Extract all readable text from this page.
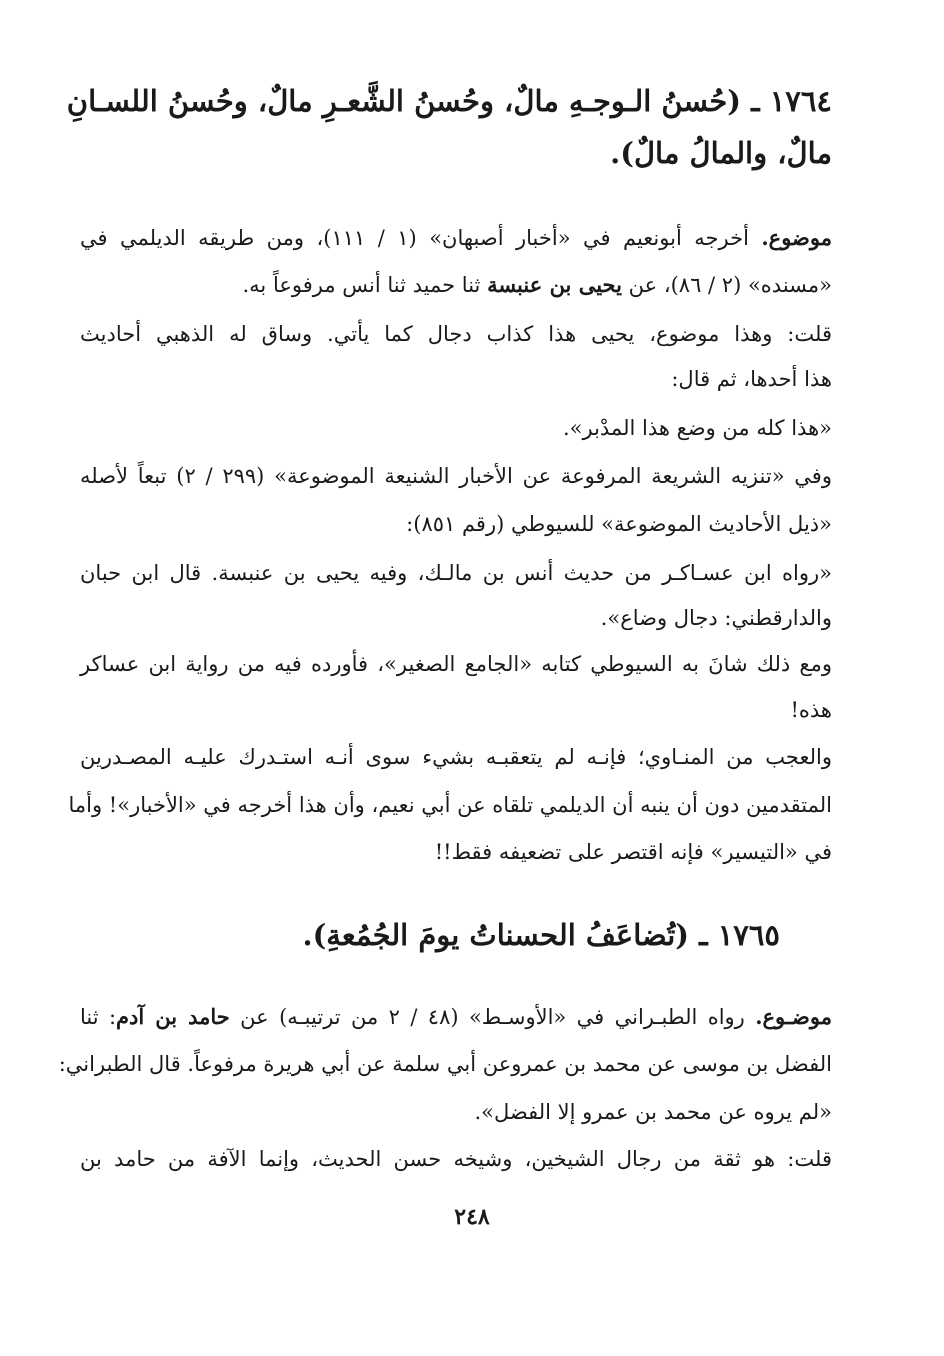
١٧٦٤ ـ (حُسنُ الـوجـهِ مالٌ، وحُسنُ الشَّعـرِ مالٌ، وحُسنُ اللسـانِ
مالٌ، والمالُ مالٌ).
موضوع. أخرجه أبونعيم في «أخبار أصبهان» (١ / ١١١)، ومن طريقه الديلمي في
«مسنده» (٢ / ٨٦)، عن يحيى بن عنبسة ثنا حميد ثنا أنس مرفوعاً به.
قلت: وهذا موضوع، يحيى هذا كذاب دجال كما يأتي. وساق له الذهبي أحاديث
هذا أحدها، ثم قال:
«هذا كله من وضع هذا المدْبر».
وفي «تنزيه الشريعة المرفوعة عن الأخبار الشنيعة الموضوعة» (٢٩٩ / ٢) تبعاً لأصله
«ذيل الأحاديث الموضوعة» للسيوطي (رقم ٨٥١):
«رواه ابن عسـاكـر من حديث أنس بن مالـك، وفيه يحيى بن عنبسة. قال ابن حبان
والدارقطني: دجال وضاع».
ومع ذلك شانَ به السيوطي كتابه «الجامع الصغير»، فأورده فيه من رواية ابن عساكر
هذه!
والعجب من المنـاوي؛ فإنـه لم يتعقبـه بشيء سوى أنـه استـدرك عليـه المصـدرين
المتقدمين دون أن ينبه أن الديلمي تلقاه عن أبي نعيم، وأن هذا أخرجه في «الأخبار»! وأما
في «التيسير» فإنه اقتصر على تضعيفه فقط!!
١٧٦٥ ـ (تُضاعَفُ الحسناتُ يومَ الجُمُعةِ).
موضـوع. رواه الطبـراني في «الأوسـط» (٤٨ / ٢ من ترتيبـه) عن حامد بن آدم: ثنا
الفضل بن موسى عن محمد بن عمروعن أبي سلمة عن أبي هريرة مرفوعاً. قال الطبراني:
«لم يروه عن محمد بن عمرو إلا الفضل».
قلت: هو ثقة من رجال الشيخين، وشيخه حسن الحديث، وإنما الآفة من حامد بن
٢٤٨
